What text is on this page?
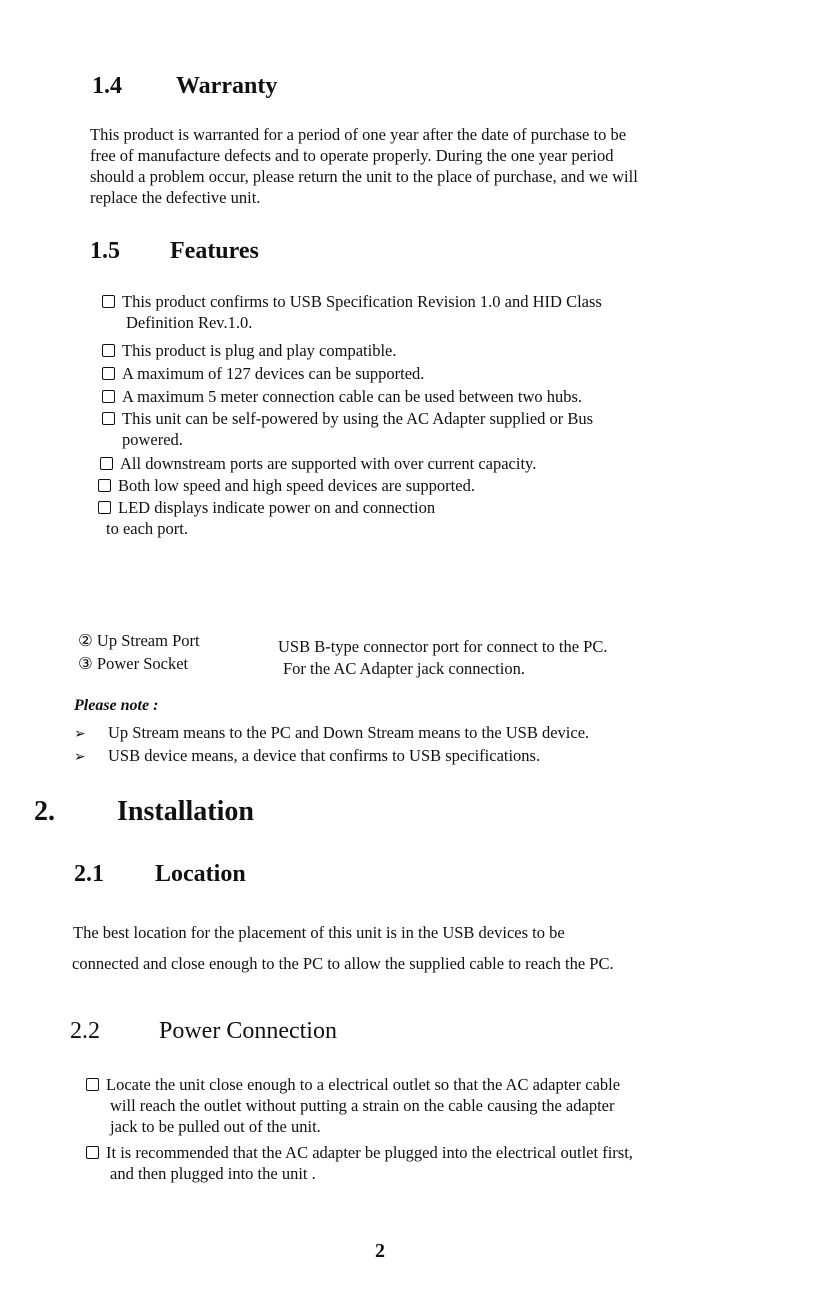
1.4 Warranty
This product is warranted for a period of one year after the date of purchase to be
free of manufacture defects and to operate properly. During the one year period
should a problem occur, please return the unit to the place of purchase, and we will
replace the defective unit.
1.5 Features
This product confirms to USB Specification Revision 1.0 and HID Class
Definition Rev.1.0.
This product is plug and play compatible.
A maximum of 127 devices can be supported.
A maximum 5 meter connection cable can be used between two hubs.
This unit can be self-powered by using the AC Adapter supplied or Bus
powered.
All downstream ports are supported with over current capacity.
Both low speed and high speed devices are supported.
LED displays indicate power on and connection
to each port.
② Up Stream Port	USB B-type connector port for connect to the PC.
③ Power Socket	For the AC Adapter jack connection.
Please note :
➢ Up Stream means to the PC and Down Stream means to the USB device.
➢ USB device means, a device that confirms to USB specifications.
2. Installation
2.1 Location
The best location for the placement of this unit is in the USB devices to be
connected and close enough to the PC to allow the supplied cable to reach the PC.
2.2 Power Connection
Locate the unit close enough to a electrical outlet so that the AC adapter cable
will reach the outlet without putting a strain on the cable causing the adapter
jack to be pulled out of the unit.
It is recommended that the AC adapter be plugged into the electrical outlet first,
and then plugged into the unit .
2
